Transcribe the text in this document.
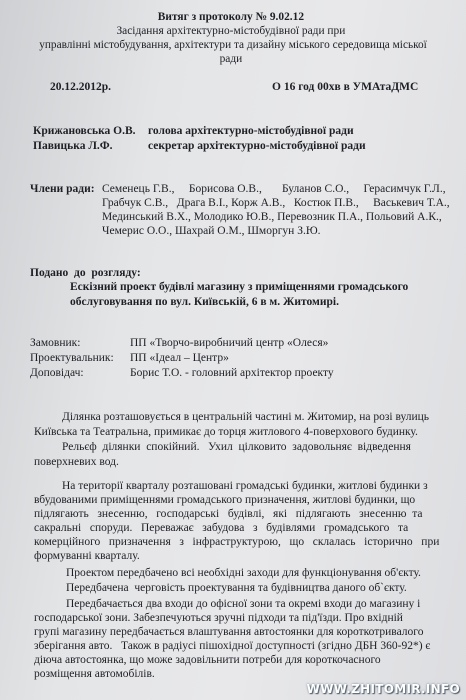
Витяг з протоколу № 9.02.12
Засідання архітектурно-містобудівної ради при
управлінні містобудування, архітектури та дизайну міського середовища міської
ради
20.12.2012р.	О 16 год 00хв в УМАтаДМС
Крижановська О.В. голова архітектурно-містобудівної ради
Павицька Л.Ф.	секретар архітектурно-містобудівної ради
Члени ради: Семенець Г.В.,     Борисова О.В.,       Буланов С.О.,     Герасимчук Г.Л.,
Грабчук С.В.,   Драга В.І., Корж А.В.,   Костюк П.В.,     Васькевич Т.А.,
Мединський В.Х., Молодико Ю.В., Перевозник П.А., Польовий А.К.,
Чемерис О.О., Шахрай О.М., Шморгун З.Ю.
Подано  до  розгляду:
Ескізний проект будівлі магазину з приміщеннями громадського
обслуговування по вул. Київській, 6 в м. Житомирі.
Замовник:	ПП «Творчо-виробничий центр «Олеся»
Проектувальник: ПП «Ідеал – Центр»
Доповідач:	Борис Т.О. - головний архітектор проекту
Ділянка розташовується в центральній частині м. Житомир, на розі вулиць
Київська та Театральна, примикає до торця житлового 4-поверхового будинку.
Рельєф  ділянки  спокійний.   Ухил  цілковито  задовольняє  відведення
поверхневих вод.
На території кварталу розташовані громадські будинки, житлові будинки з
вбудованими приміщеннями громадського призначення, житлові будинки, що
підлягають   знесенню,   господарські   будівлі,   які   підлягають   знесенню  та
сакральні   споруди.   Переважає   забудова   з   будівлями   громадського   та
комерційного   призначення   з   інфраструктурою,   що   склалась   історично   при
формуванні кварталу.
Проектом передбачено всі необхідні заходи для функціонування об'єкту.
Передбачена  черговість проектування та будівництва даного об`єкту.
Передбачається два входи до офісної зони та окремі входи до магазину і
господарської зони. Забезпечуються зручні підходи та під'їзди. Про вхідній
групі магазину передбачається влаштування автостоянки для короткотривалого
зберігання авто.   Також в радіусі пішохідної доступності (згідно ДБН 360-92*) є
діюча автостоянка, що може задовільнити потреби для короткочасного
розміщення автомобілів.
WWW.ZHITOMIR.INFO
